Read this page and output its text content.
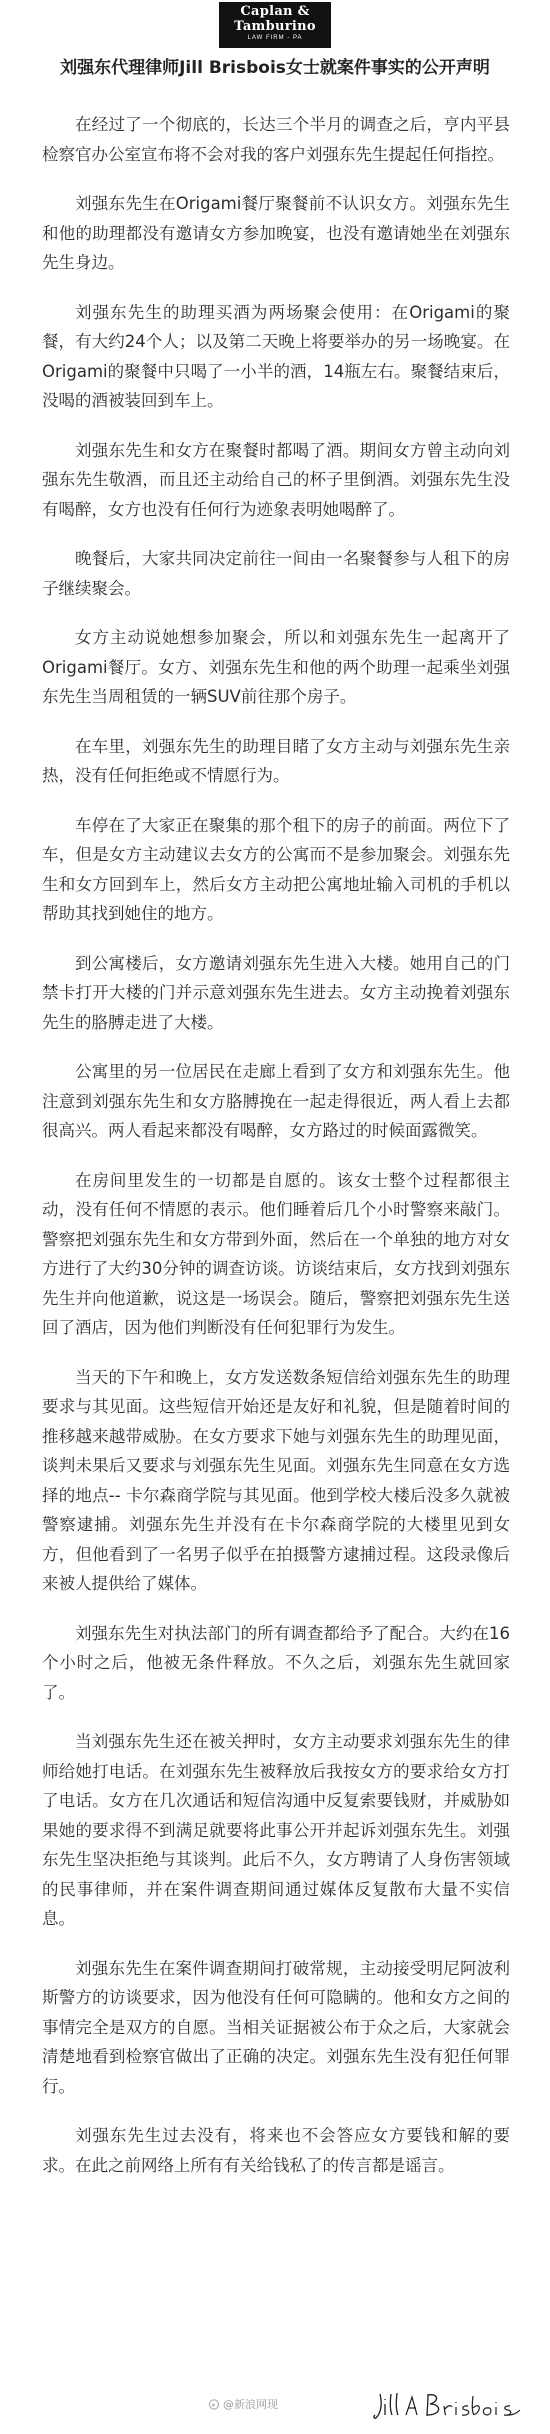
Caplan &
Tamburino
LAW FIRM - PA
刘强东代理律师Jill Brisbois女士就案件事实的公开声明

在经过了一个彻底的，长达三个半月的调查之后，亨内平县检察官办公室宣布将不会对我的客户刘强东先生提起任何指控。

刘强东先生在Origami餐厅聚餐前不认识女方。刘强东先生和他的助理都没有邀请女方参加晚宴，也没有邀请她坐在刘强东先生身边。

刘强东先生的助理买酒为两场聚会使用：在Origami的聚餐，有大约24个人；以及第二天晚上将要举办的另一场晚宴。在Origami的聚餐中只喝了一小半的酒，14瓶左右。聚餐结束后，没喝的酒被装回到车上。

刘强东先生和女方在聚餐时都喝了酒。期间女方曾主动向刘强东先生敬酒，而且还主动给自己的杯子里倒酒。刘强东先生没有喝醉，女方也没有任何行为迹象表明她喝醉了。

晚餐后，大家共同决定前往一间由一名聚餐参与人租下的房子继续聚会。

女方主动说她想参加聚会，所以和刘强东先生一起离开了Origami餐厅。女方、刘强东先生和他的两个助理一起乘坐刘强东先生当周租赁的一辆SUV前往那个房子。

在车里，刘强东先生的助理目睹了女方主动与刘强东先生亲热，没有任何拒绝或不情愿行为。

车停在了大家正在聚集的那个租下的房子的前面。两位下了车，但是女方主动建议去女方的公寓而不是参加聚会。刘强东先生和女方回到车上，然后女方主动把公寓地址输入司机的手机以帮助其找到她住的地方。

到公寓楼后，女方邀请刘强东先生进入大楼。她用自己的门禁卡打开大楼的门并示意刘强东先生进去。女方主动挽着刘强东先生的胳膊走进了大楼。

公寓里的另一位居民在走廊上看到了女方和刘强东先生。他注意到刘强东先生和女方胳膊挽在一起走得很近，两人看上去都很高兴。两人看起来都没有喝醉，女方路过的时候面露微笑。

在房间里发生的一切都是自愿的。该女士整个过程都很主动，没有任何不情愿的表示。他们睡着后几个小时警察来敲门。警察把刘强东先生和女方带到外面，然后在一个单独的地方对女方进行了大约30分钟的调查访谈。访谈结束后，女方找到刘强东先生并向他道歉，说这是一场误会。随后，警察把刘强东先生送回了酒店，因为他们判断没有任何犯罪行为发生。

当天的下午和晚上，女方发送数条短信给刘强东先生的助理要求与其见面。这些短信开始还是友好和礼貌，但是随着时间的推移越来越带威胁。在女方要求下她与刘强东先生的助理见面，谈判未果后又要求与刘强东先生见面。刘强东先生同意在女方选择的地点-- 卡尔森商学院与其见面。他到学校大楼后没多久就被警察逮捕。刘强东先生并没有在卡尔森商学院的大楼里见到女方，但他看到了一名男子似乎在拍摄警方逮捕过程。这段录像后来被人提供给了媒体。

刘强东先生对执法部门的所有调查都给予了配合。大约在16个小时之后，他被无条件释放。不久之后，刘强东先生就回家了。

当刘强东先生还在被关押时，女方主动要求刘强东先生的律师给她打电话。在刘强东先生被释放后我按女方的要求给女方打了电话。女方在几次通话和短信沟通中反复索要钱财，并威胁如果她的要求得不到满足就要将此事公开并起诉刘强东先生。刘强东先生坚决拒绝与其谈判。此后不久，女方聘请了人身伤害领域的民事律师，并在案件调查期间通过媒体反复散布大量不实信息。

刘强东先生在案件调查期间打破常规，主动接受明尼阿波利斯警方的访谈要求，因为他没有任何可隐瞒的。他和女方之间的事情完全是双方的自愿。当相关证据被公布于众之后，大家就会清楚地看到检察官做出了正确的决定。刘强东先生没有犯任何罪行。

刘强东先生过去没有，将来也不会答应女方要钱和解的要求。在此之前网络上所有有关给钱私了的传言都是谣言。

@新浪网现
